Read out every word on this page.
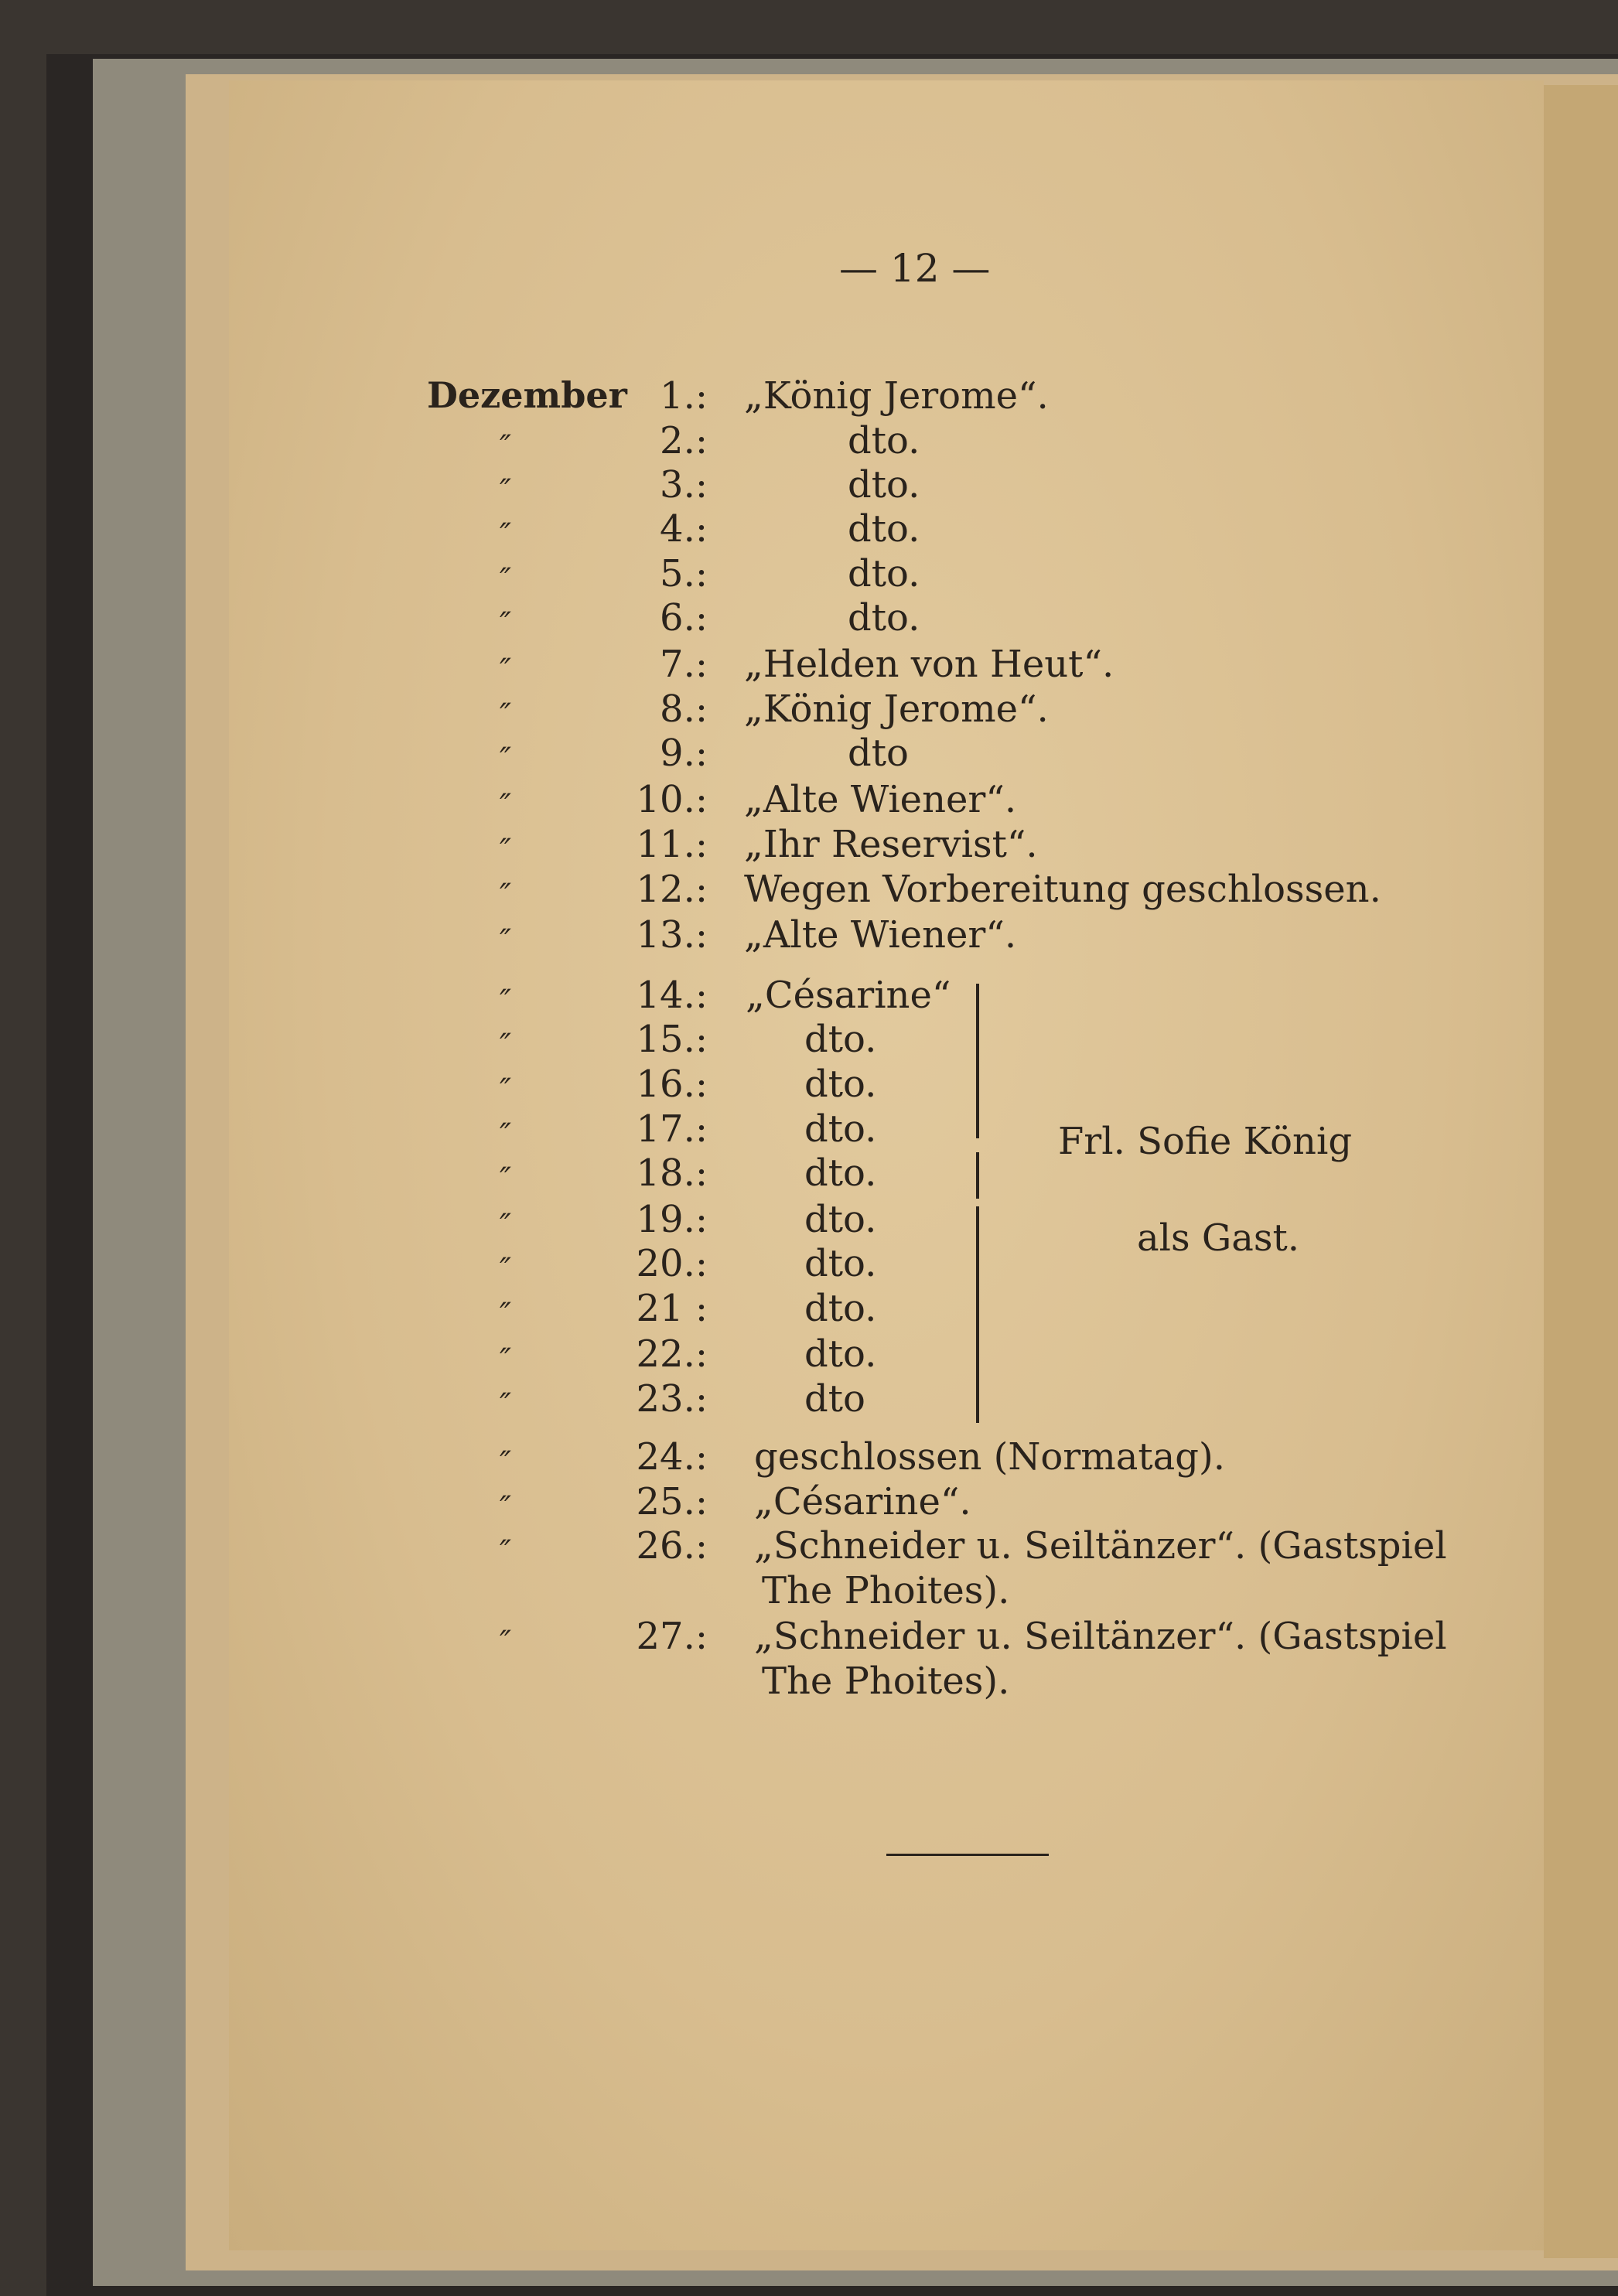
— 12 —
Dezember 1.: „König Jerome“.
″	2.:	dto.
″	3.:	dto.
″	4.:	dto.
″	5.:	dto.
″	6.:	dto.
″	7.: „Helden von Heut“.
″	8.: „König Jerome“.
″	9.:	dto
″	10.: „Alte Wiener“.
″	11.: „Ihr Reservist“.
″	12.: Wegen Vorbereitung geschlossen.
″	13.: „Alte Wiener“.
″	14.: „Césarine“
″	15.:	dto.
″	16.:	dto.
″	17.:	dto.
″	18.:	dto.
″	19.:	dto.
″	20.:	dto.
″	21 :	dto.
″	22.:	dto.
″	23.:	dto
″	24.: geschlossen (Normatag).
″	25.: „Césarine“.
″	26.: „Schneider u. Seiltänzer“. (Gastspiel
The Phoites).
″	27.: „Schneider u. Seiltänzer“. (Gastspiel
The Phoites).
Frl. Sofie König
als Gast.
